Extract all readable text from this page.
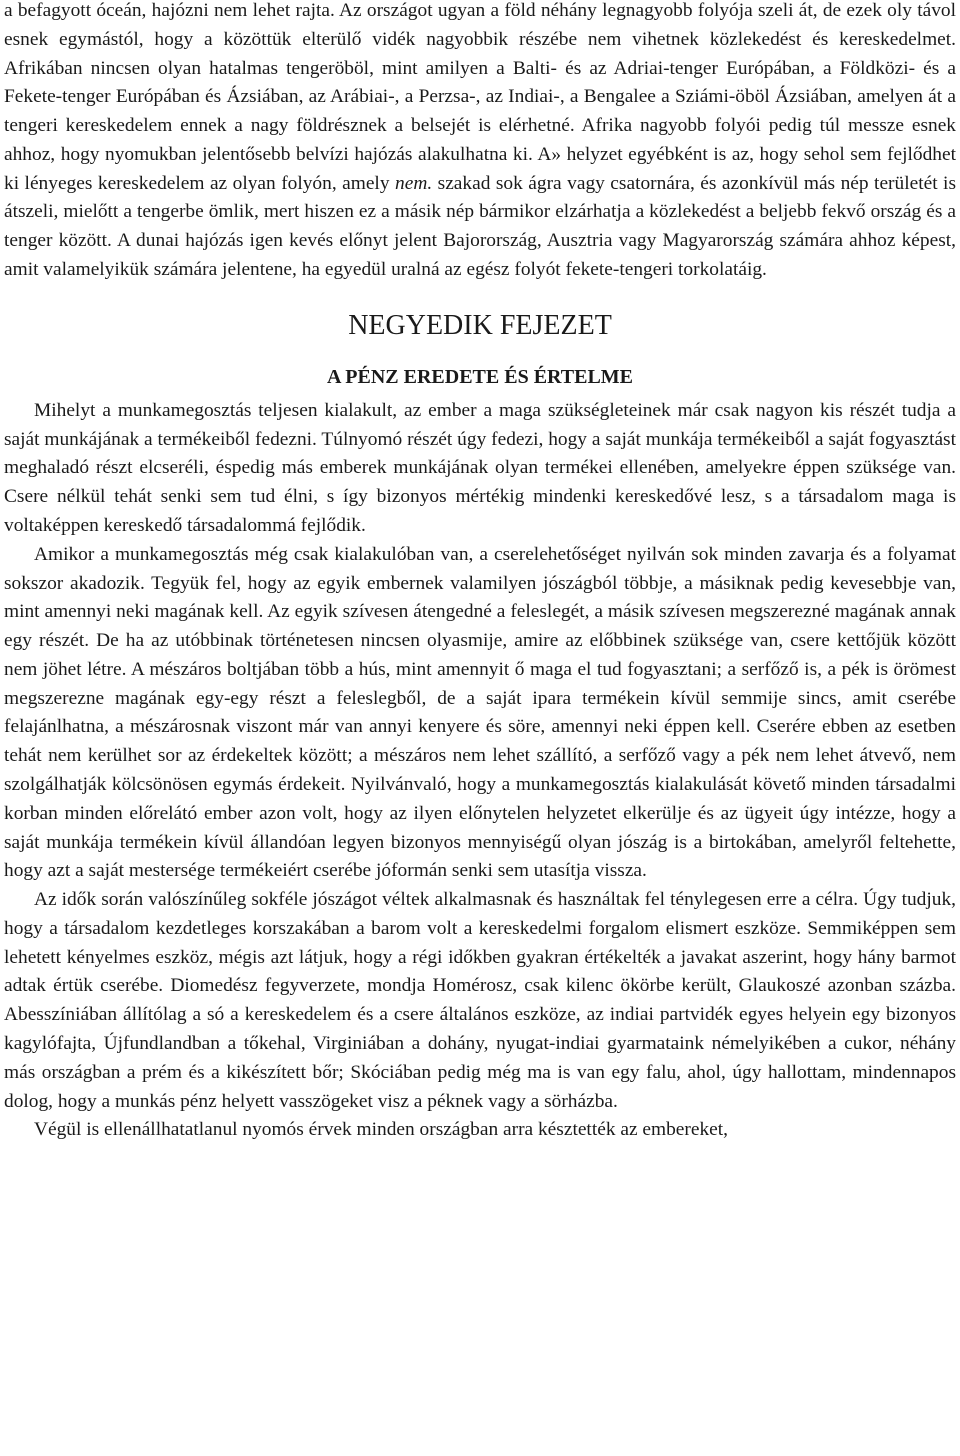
a befagyott óceán, hajózni nem lehet rajta. Az országot ugyan a föld néhány legnagyobb folyója szeli át, de ezek oly távol esnek egymástól, hogy a közöttük elterülő vidék nagyobbik részébe nem vihetnek közlekedést és kereskedelmet. Afrikában nincsen olyan hatalmas tengeröböl, mint amilyen a Balti- és az Adriai-tenger Európában, a Földközi- és a Fekete-tenger Európában és Ázsiában, az Arábiai-, a Perzsa-, az Indiai-, a Bengalee a Sziámi-öböl Ázsiában, amelyen át a tengeri kereskedelem ennek a nagy földrésznek a belsejét is elérhetné. Afrika nagyobb folyói pedig túl messze esnek ahhoz, hogy nyomukban jelentősebb belvízi hajózás alakulhatna ki. A» helyzet egyébként is az, hogy sehol sem fejlődhet ki lényeges kereskedelem az olyan folyón, amely nem. szakad sok ágra vagy csatornára, és azonkívül más nép területét is átszeli, mielőtt a tengerbe ömlik, mert hiszen ez a másik nép bármikor elzárhatja a közlekedést a beljebb fekvő ország és a tenger között. A dunai hajózás igen kevés előnyt jelent Bajorország, Ausztria vagy Magyarország számára ahhoz képest, amit valamelyikük számára jelentene, ha egyedül uralná az egész folyót fekete-tengeri torkolatáig.

NEGYEDIK FEJEZET
A PÉNZ EREDETE ÉS ÉRTELME

Mihelyt a munkamegosztás teljesen kialakult, az ember a maga szükségleteinek már csak nagyon kis részét tudja a saját munkájának a termékeiből fedezni. Túlnyomó részét úgy fedezi, hogy a saját munkája termékeiből a saját fogyasztást meghaladó részt elcseréli, éspedig más emberek munkájának olyan termékei ellenében, amelyekre éppen szüksége van. Csere nélkül tehát senki sem tud élni, s így bizonyos mértékig mindenki kereskedővé lesz, s a társadalom maga is voltaképpen kereskedő társadalommá fejlődik.

Amikor a munkamegosztás még csak kialakulóban van, a cserelehetőséget nyilván sok minden zavarja és a folyamat sokszor akadozik. Tegyük fel, hogy az egyik embernek valamilyen jószágból többje, a másiknak pedig kevesebbje van, mint amennyi neki magának kell. Az egyik szívesen átengedné a feleslegét, a másik szívesen megszerezné magának annak egy részét. De ha az utóbbinak történetesen nincsen olyasmije, amire az előbbinek szüksége van, csere kettőjük között nem jöhet létre. A mészáros boltjában több a hús, mint amennyit ő maga el tud fogyasztani; a serfőző is, a pék is örömest megszerezne magának egy-egy részt a feleslegből, de a saját ipara termékein kívül semmije sincs, amit cserébe felajánlhatna, a mészárosnak viszont már van annyi kenyere és söre, amennyi neki éppen kell. Cserére ebben az esetben tehát nem kerülhet sor az érdekeltek között; a mészáros nem lehet szállító, a serfőző vagy a pék nem lehet átvevő, nem szolgálhatják kölcsönösen egymás érdekeit. Nyilvánvaló, hogy a munkamegosztás kialakulását követő minden társadalmi korban minden előrelátó ember azon volt, hogy az ilyen előnytelen helyzetet elkerülje és az ügyeit úgy intézze, hogy a saját munkája termékein kívül állandóan legyen bizonyos mennyiségű olyan jószág is a birtokában, amelyről feltehette, hogy azt a saját mestersége termékeiért cserébe jóformán senki sem utasítja vissza.

Az idők során valószínűleg sokféle jószágot véltek alkalmasnak és használtak fel ténylegesen erre a célra. Úgy tudjuk, hogy a társadalom kezdetleges korszakában a barom volt a kereskedelmi forgalom elismert eszköze. Semmiképpen sem lehetett kényelmes eszköz, mégis azt látjuk, hogy a régi időkben gyakran értékelték a javakat aszerint, hogy hány barmot adtak értük cserébe. Diomedész fegyverzete, mondja Homérosz, csak kilenc ökörbe került, Glaukoszé azonban százba. Abesszíniában állítólag a só a kereskedelem és a csere általános eszköze, az indiai partvidék egyes helyein egy bizonyos kagylófajta, Újfundlandban a tőkehal, Virginiában a dohány, nyugat-indiai gyarmataink némelyikében a cukor, néhány más országban a prém és a kikészített bőr; Skóciában pedig még ma is van egy falu, ahol, úgy hallottam, mindennapos dolog, hogy a munkás pénz helyett vasszögeket visz a péknek vagy a sörházba.

Végül is ellenállhatatlanul nyomós érvek minden országban arra késztették az embereket,
